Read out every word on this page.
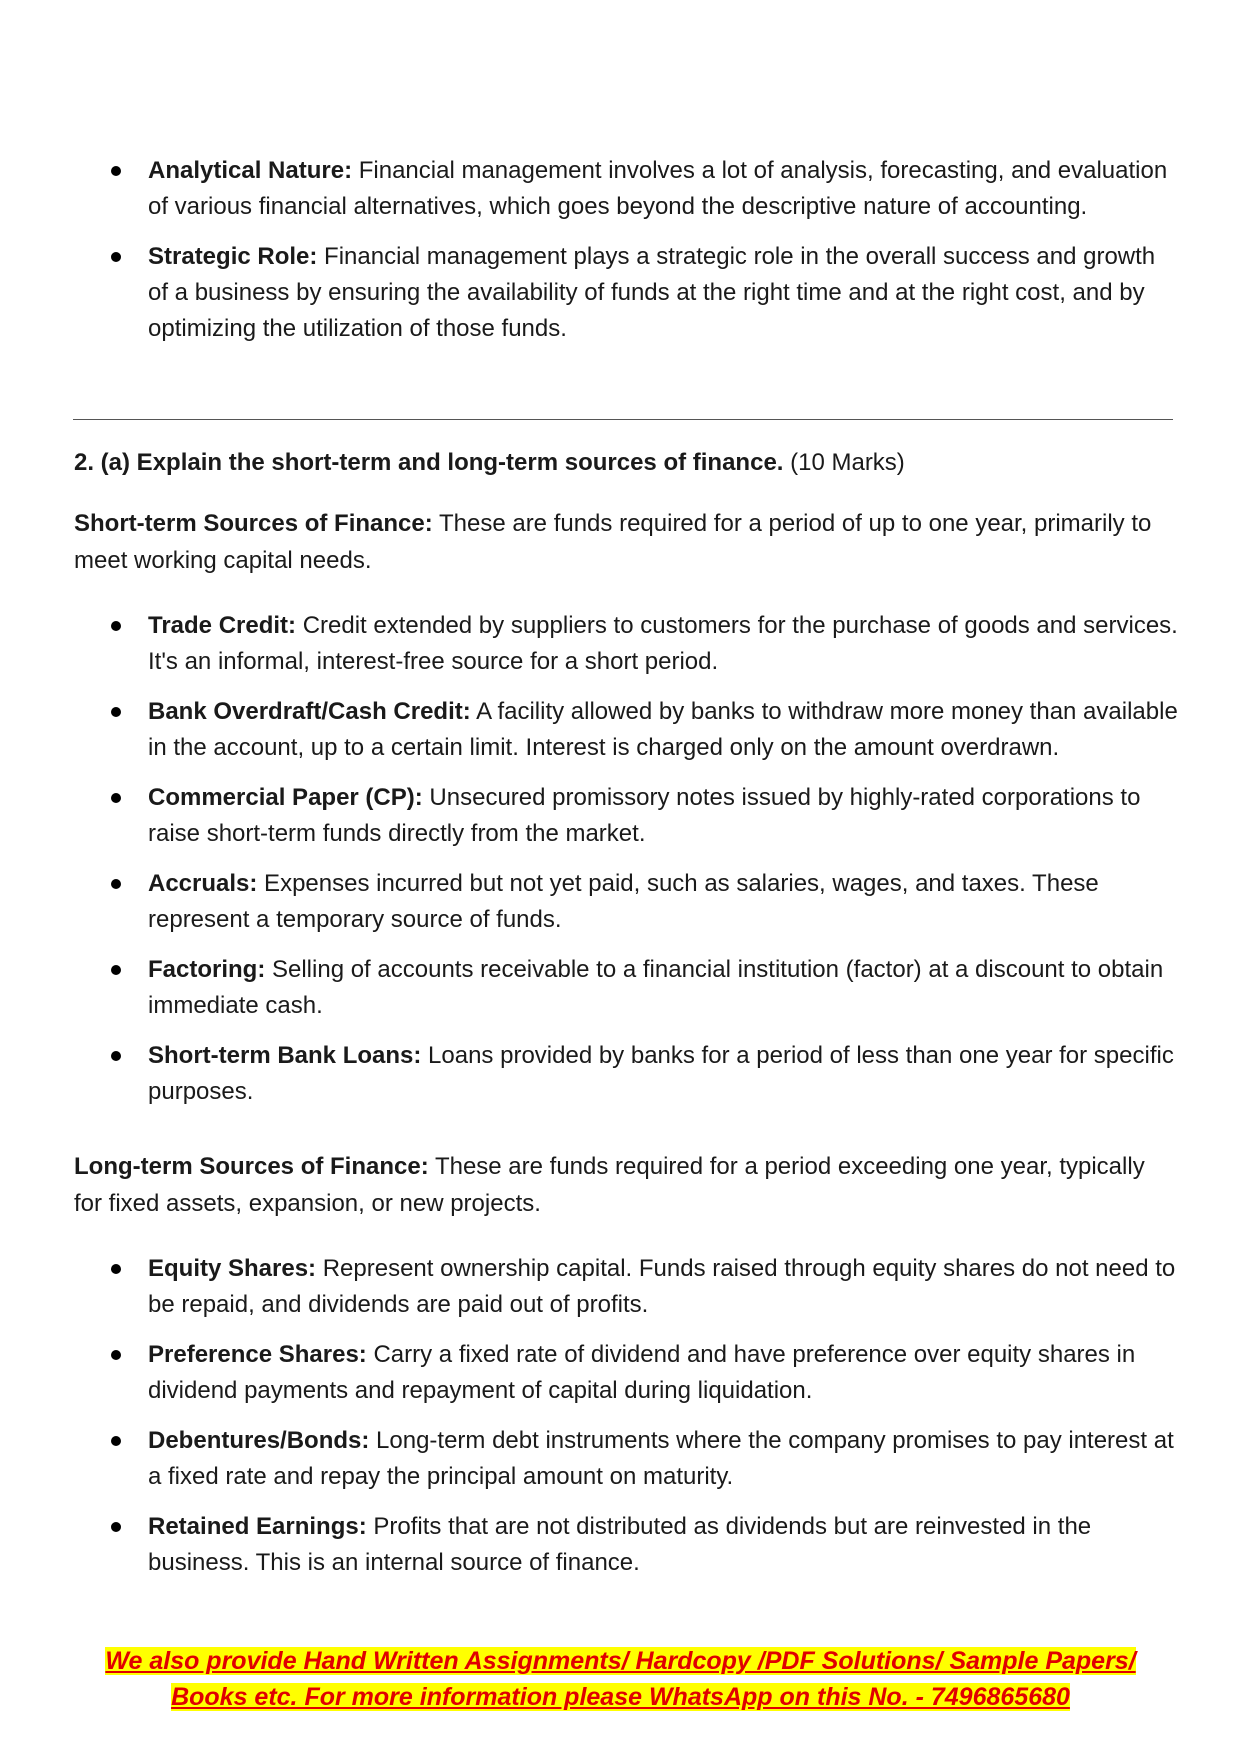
Analytical Nature: Financial management involves a lot of analysis, forecasting, and evaluation of various financial alternatives, which goes beyond the descriptive nature of accounting.
Strategic Role: Financial management plays a strategic role in the overall success and growth of a business by ensuring the availability of funds at the right time and at the right cost, and by optimizing the utilization of those funds.

2. (a) Explain the short-term and long-term sources of finance. (10 Marks)

Short-term Sources of Finance: These are funds required for a period of up to one year, primarily to meet working capital needs.

Trade Credit: Credit extended by suppliers to customers for the purchase of goods and services. It's an informal, interest-free source for a short period.
Bank Overdraft/Cash Credit: A facility allowed by banks to withdraw more money than available in the account, up to a certain limit. Interest is charged only on the amount overdrawn.
Commercial Paper (CP): Unsecured promissory notes issued by highly-rated corporations to raise short-term funds directly from the market.
Accruals: Expenses incurred but not yet paid, such as salaries, wages, and taxes. These represent a temporary source of funds.
Factoring: Selling of accounts receivable to a financial institution (factor) at a discount to obtain immediate cash.
Short-term Bank Loans: Loans provided by banks for a period of less than one year for specific purposes.

Long-term Sources of Finance: These are funds required for a period exceeding one year, typically for fixed assets, expansion, or new projects.

Equity Shares: Represent ownership capital. Funds raised through equity shares do not need to be repaid, and dividends are paid out of profits.
Preference Shares: Carry a fixed rate of dividend and have preference over equity shares in dividend payments and repayment of capital during liquidation.
Debentures/Bonds: Long-term debt instruments where the company promises to pay interest at a fixed rate and repay the principal amount on maturity.
Retained Earnings: Profits that are not distributed as dividends but are reinvested in the business. This is an internal source of finance.
We also provide Hand Written Assignments/ Hardcopy /PDF Solutions/ Sample Papers/
Books etc. For more information please WhatsApp on this No. - 7496865680
